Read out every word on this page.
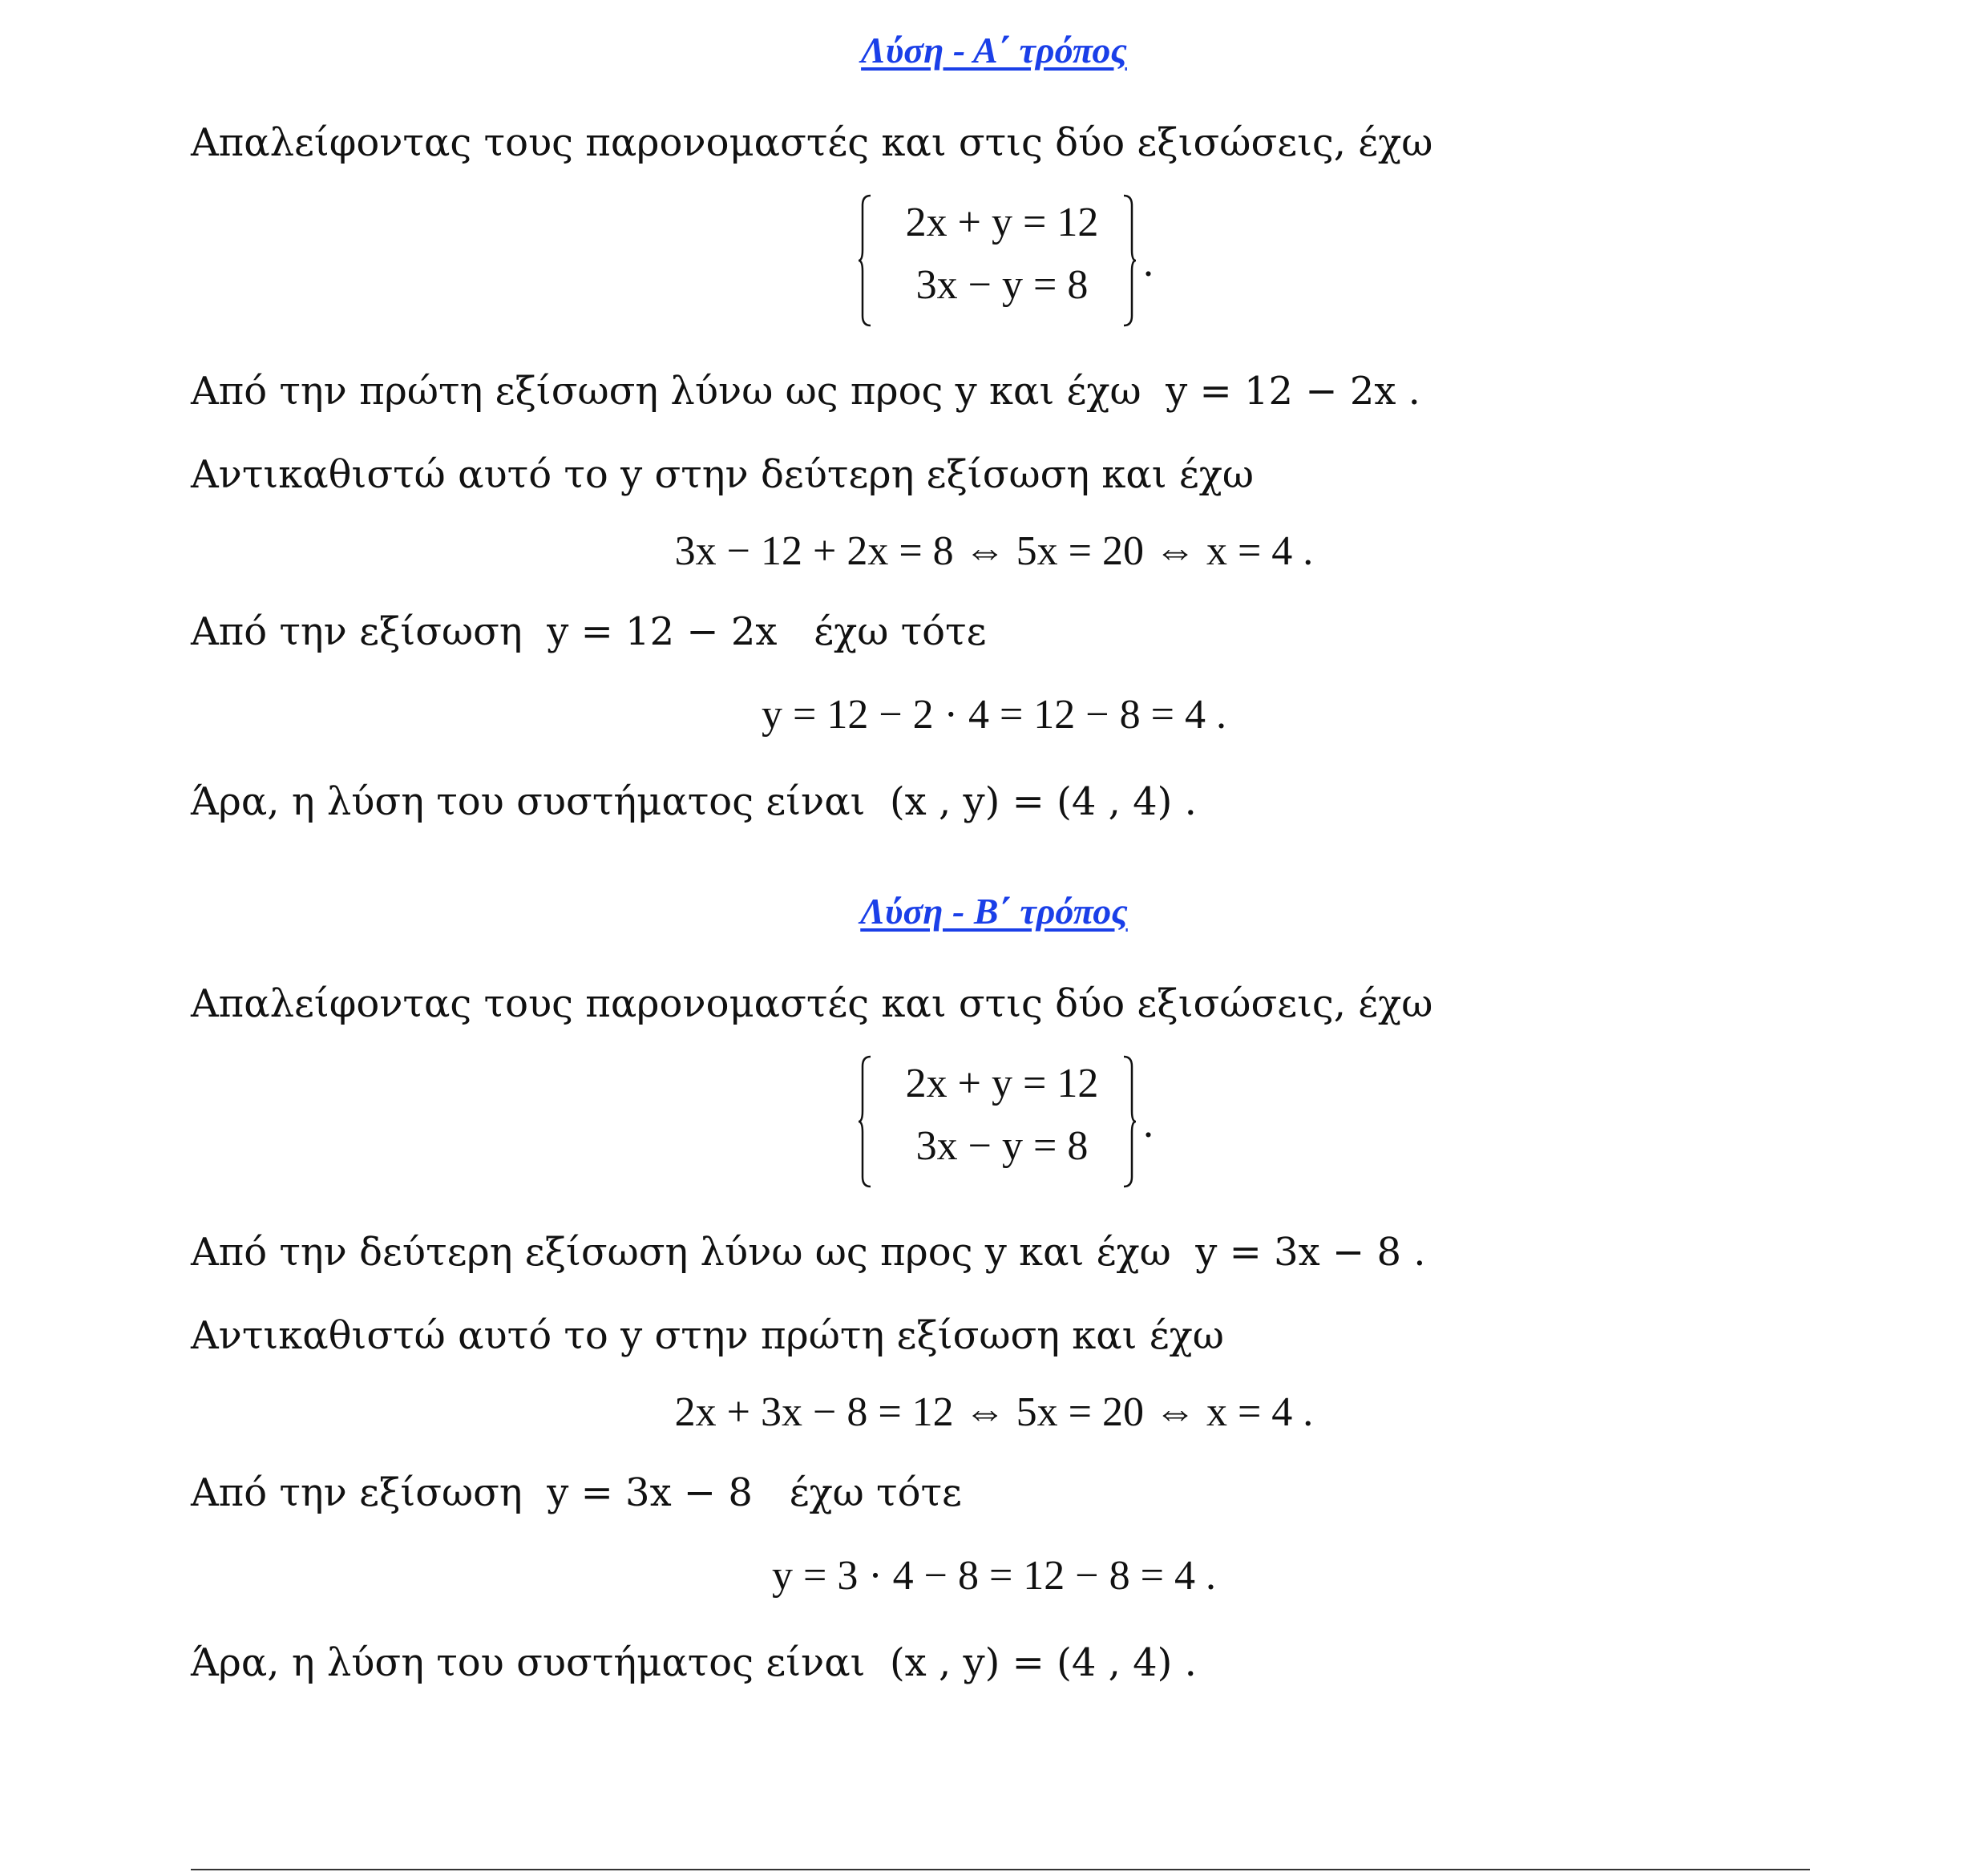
Λύση - Α΄ τρόπος
Απαλείφοντας τους παρονομαστές και στις δύο εξισώσεις, έχω
2x + y = 12
3x − y = 8	.
Από την πρώτη εξίσωση λύνω ως προς y και έχω  y = 12 − 2x .
Αντικαθιστώ αυτό το y στην δεύτερη εξίσωση και έχω
3x − 12 + 2x = 8 ⇔ 5x = 20 ⇔ x = 4 .
Από την εξίσωση  y = 12 − 2x   έχω τότε
y = 12 − 2 · 4 = 12 − 8 = 4 .
Άρα, η λύση του συστήματος είναι  (x , y) = (4 , 4) .
Λύση - Β΄ τρόπος
Απαλείφοντας τους παρονομαστές και στις δύο εξισώσεις, έχω
2x + y = 12
3x − y = 8	.
Από την δεύτερη εξίσωση λύνω ως προς y και έχω  y = 3x − 8 .
Αντικαθιστώ αυτό το y στην πρώτη εξίσωση και έχω
2x + 3x − 8 = 12 ⇔ 5x = 20 ⇔ x = 4 .
Από την εξίσωση  y = 3x − 8   έχω τότε
y = 3 · 4 − 8 = 12 − 8 = 4 .
Άρα, η λύση του συστήματος είναι  (x , y) = (4 , 4) .
